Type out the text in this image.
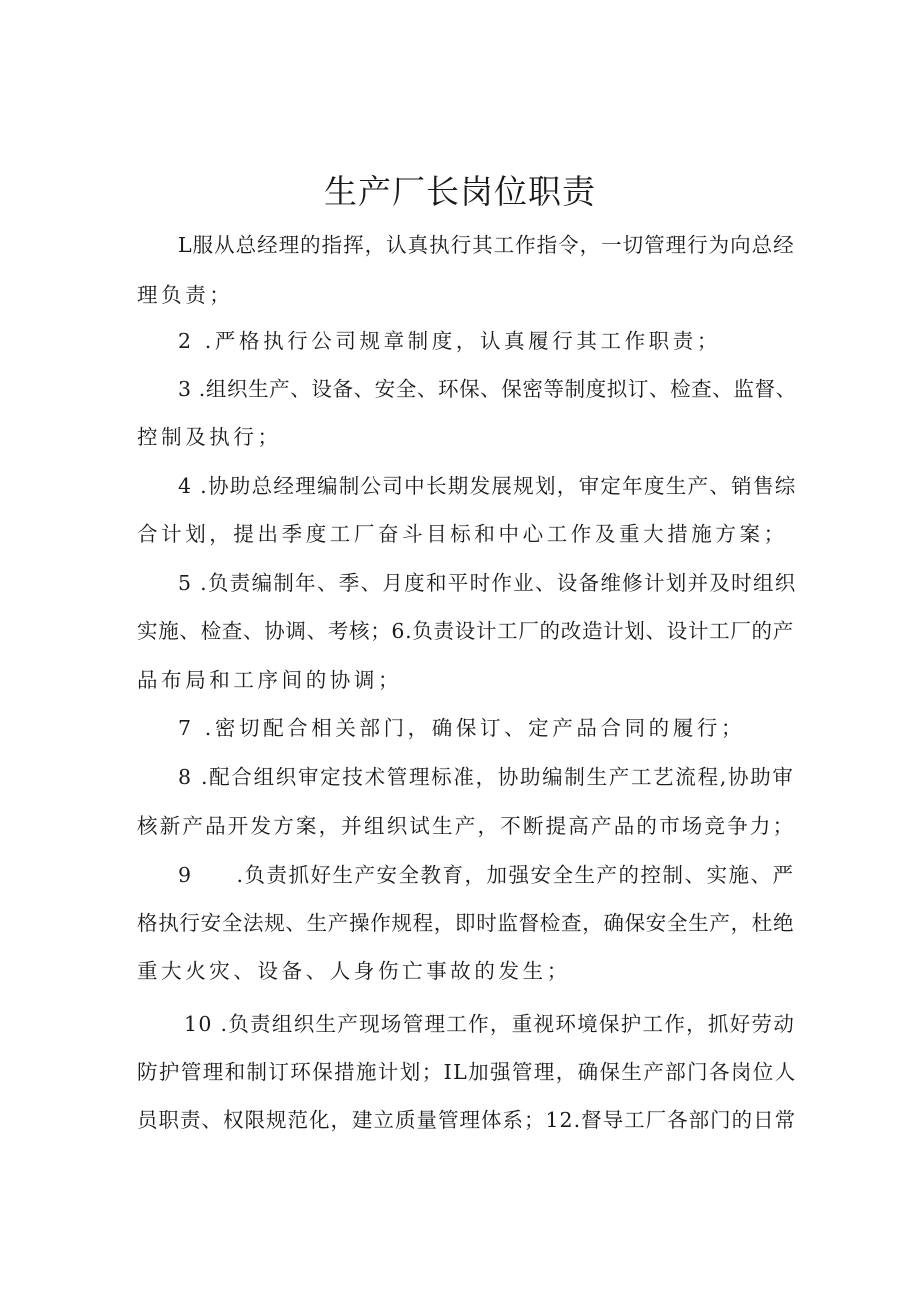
生产厂长岗位职责
L服从总经理的指挥，认真执行其工作指令，一切管理行为向总经
理负责；
2 .严格执行公司规章制度，认真履行其工作职责；
3 .组织生产、设备、安全、环保、保密等制度拟订、检查、监督、
控制及执行；
4 .协助总经理编制公司中长期发展规划，审定年度生产、销售综
合计划，提出季度工厂奋斗目标和中心工作及重大措施方案；
5 .负责编制年、季、月度和平时作业、设备维修计划并及时组织
实施、检查、协调、考核；6.负责设计工厂的改造计划、设计工厂的产
品布局和工序间的协调；
7 .密切配合相关部门，确保订、定产品合同的履行；
8 .配合组织审定技术管理标准，协助编制生产工艺流程,协助审
核新产品开发方案，并组织试生产，不断提高产品的市场竞争力；
9　　.负责抓好生产安全教育，加强安全生产的控制、实施、严
格执行安全法规、生产操作规程，即时监督检查，确保安全生产，杜绝
重大火灾、设备、人身伤亡事故的发生；
10 .负责组织生产现场管理工作，重视环境保护工作，抓好劳动
防护管理和制订环保措施计划；IL加强管理，确保生产部门各岗位人
员职责、权限规范化，建立质量管理体系；12.督导工厂各部门的日常
